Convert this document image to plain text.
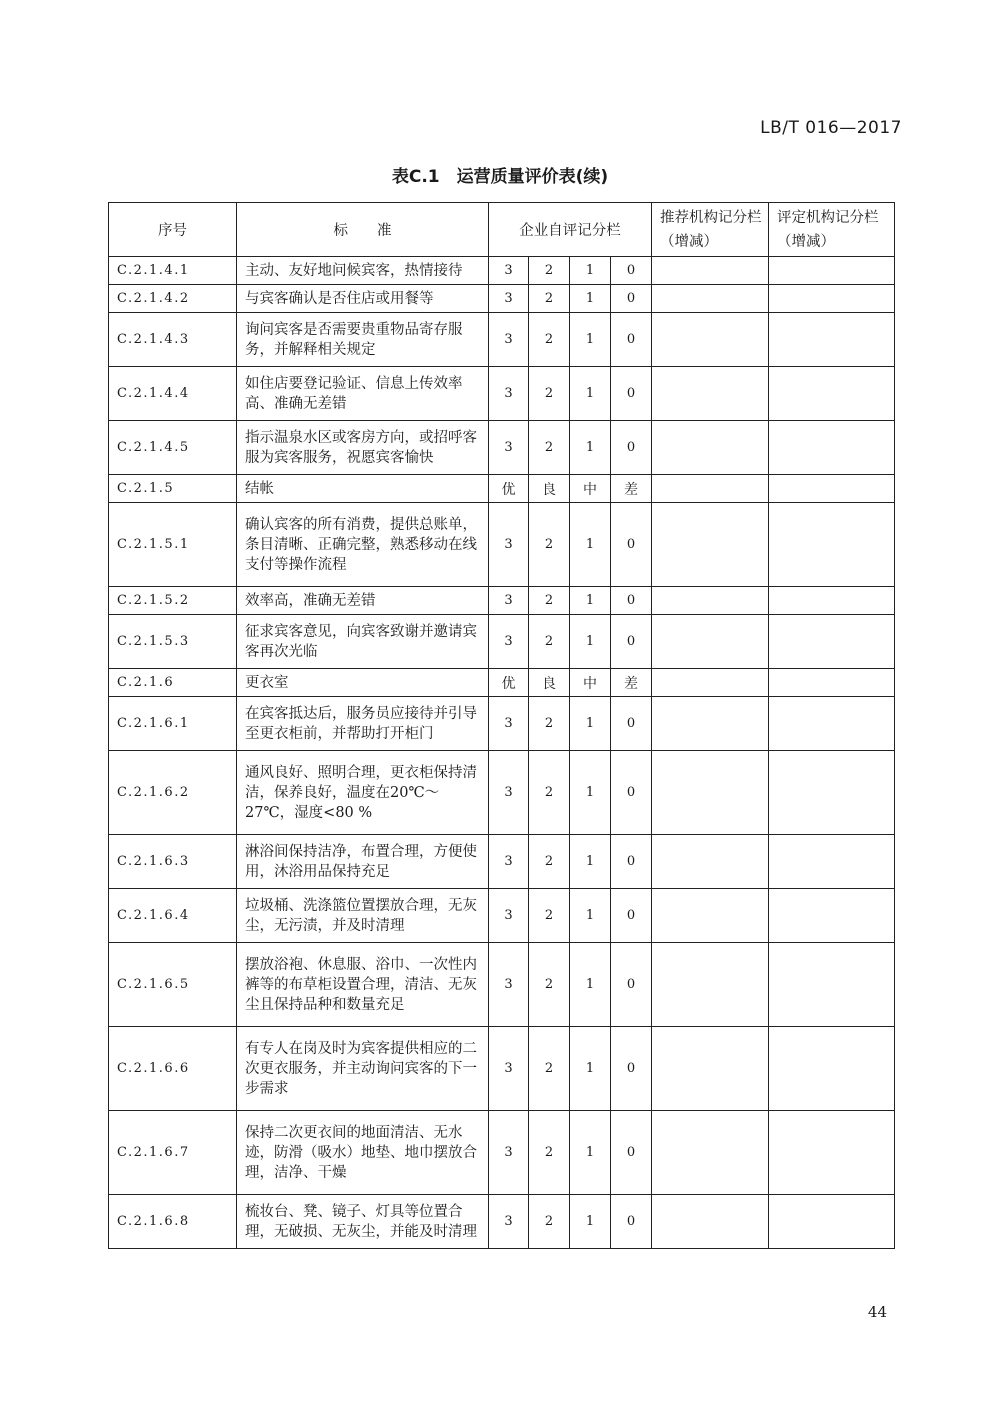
LB/T 016—2017
表C.1　运营质量评价表(续)
序号	标　　准	企业自评记分栏				推荐机构记分栏（增减）	评定机构记分栏（增减）
C.2.1.4.1	主动、友好地问候宾客，热情接待	3	2	1	0		
C.2.1.4.2	与宾客确认是否住店或用餐等	3	2	1	0		
C.2.1.4.3	询问宾客是否需要贵重物品寄存服务，并解释相关规定	3	2	1	0		
C.2.1.4.4	如住店要登记验证、信息上传效率高、准确无差错	3	2	1	0		
C.2.1.4.5	指示温泉水区或客房方向，或招呼客服为宾客服务，祝愿宾客愉快	3	2	1	0		
C.2.1.5	结帐	优	良	中	差		
C.2.1.5.1	确认宾客的所有消费，提供总账单，条目清晰、正确完整，熟悉移动在线支付等操作流程	3	2	1	0		
C.2.1.5.2	效率高，准确无差错	3	2	1	0		
C.2.1.5.3	征求宾客意见，向宾客致谢并邀请宾客再次光临	3	2	1	0		
C.2.1.6	更衣室	优	良	中	差		
C.2.1.6.1	在宾客抵达后，服务员应接待并引导至更衣柜前，并帮助打开柜门	3	2	1	0		
C.2.1.6.2	通风良好、照明合理，更衣柜保持清洁，保养良好，温度在20℃～27℃，湿度<80 %	3	2	1	0		
C.2.1.6.3	淋浴间保持洁净，布置合理，方便使用，沐浴用品保持充足	3	2	1	0		
C.2.1.6.4	垃圾桶、洗涤篮位置摆放合理，无灰尘，无污渍，并及时清理	3	2	1	0		
C.2.1.6.5	摆放浴袍、休息服、浴巾、一次性内裤等的布草柜设置合理，清洁、无灰尘且保持品种和数量充足	3	2	1	0		
C.2.1.6.6	有专人在岗及时为宾客提供相应的二次更衣服务，并主动询问宾客的下一步需求	3	2	1	0		
C.2.1.6.7	保持二次更衣间的地面清洁、无水迹，防滑（吸水）地垫、地巾摆放合理，洁净、干燥	3	2	1	0		
C.2.1.6.8	梳妆台、凳、镜子、灯具等位置合理，无破损、无灰尘，并能及时清理	3	2	1	0		
44
